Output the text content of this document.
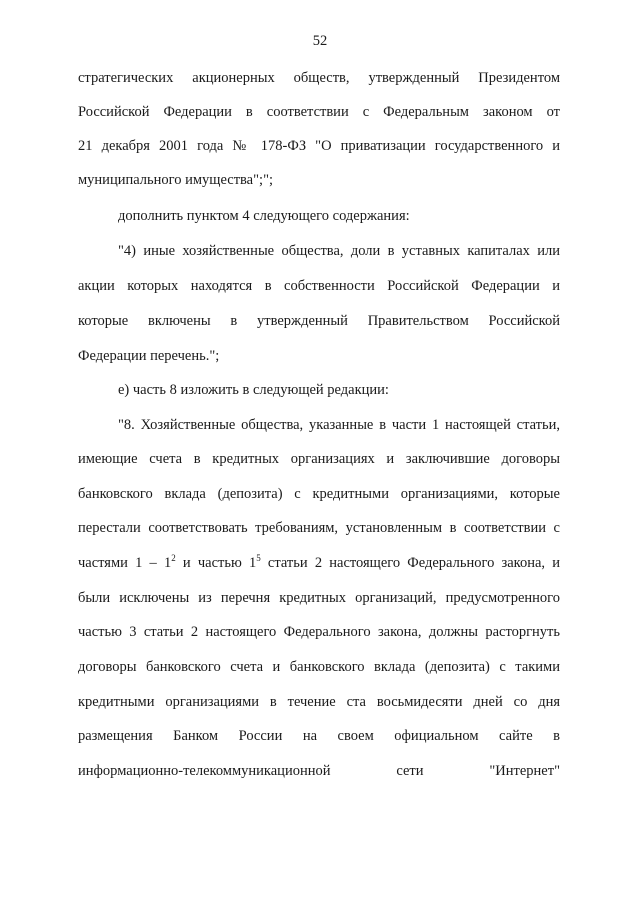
52
стратегических акционерных обществ, утвержденный Президентом
Российской Федерации в соответствии с Федеральным законом от
21 декабря 2001 года № 178-ФЗ "О приватизации государственного и
муниципального имущества";";
дополнить пунктом 4 следующего содержания:
"4) иные хозяйственные общества, доли в уставных капиталах или
акции которых находятся в собственности Российской Федерации и
которые включены в утвержденный Правительством Российской
Федерации перечень.";
е) часть 8 изложить в следующей редакции:
"8. Хозяйственные общества, указанные в части 1 настоящей статьи,
имеющие счета в кредитных организациях и заключившие договоры
банковского вклада (депозита) с кредитными организациями, которые
перестали соответствовать требованиям, установленным в соответствии с
частями $1 - 1^2$ и частью $1^5$ статьи 2 настоящего Федерального закона, и
были исключены из перечня кредитных организаций, предусмотренного
частью 3 статьи 2 настоящего Федерального закона, должны расторгнуть
договоры банковского счета и банковского вклада (депозита) с такими
кредитными организациями в течение ста восьмидесяти дней со дня
размещения Банком России на своем официальном сайте в
информационно-телекоммуникационной сети "Интернет"
